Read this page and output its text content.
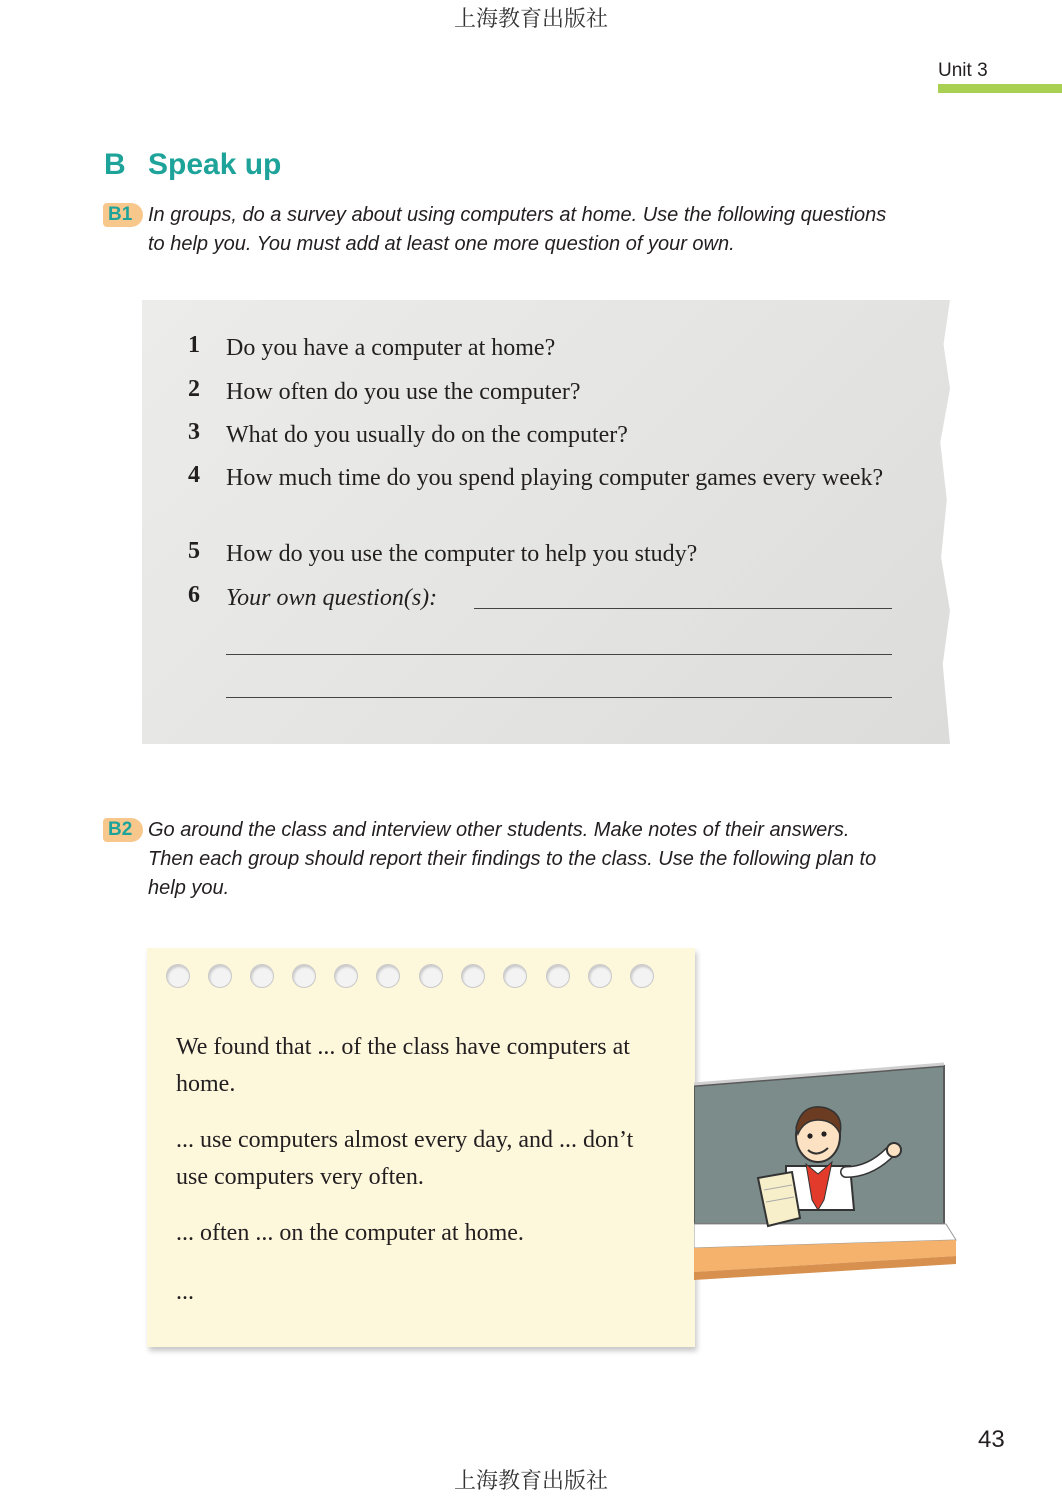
上海教育出版社
Unit 3
B Speak up
B1 In groups, do a survey about using computers at home. Use the following questions
to help you. You must add at least one more question of your own.
1	Do you have a computer at home?
2	How often do you use the computer?
3	What do you usually do on the computer?
4	How much time do you spend playing computer games every week?
5	How do you use the computer to help you study?
6	Your own question(s):
B2 Go around the class and interview other students. Make notes of their answers.
Then each group should report their findings to the class. Use the following plan to
help you.
We found that ... of the class have computers at home.
... use computers almost every day, and ... don’t use computers very often.
... often ... on the computer at home.
...
43
上海教育出版社
